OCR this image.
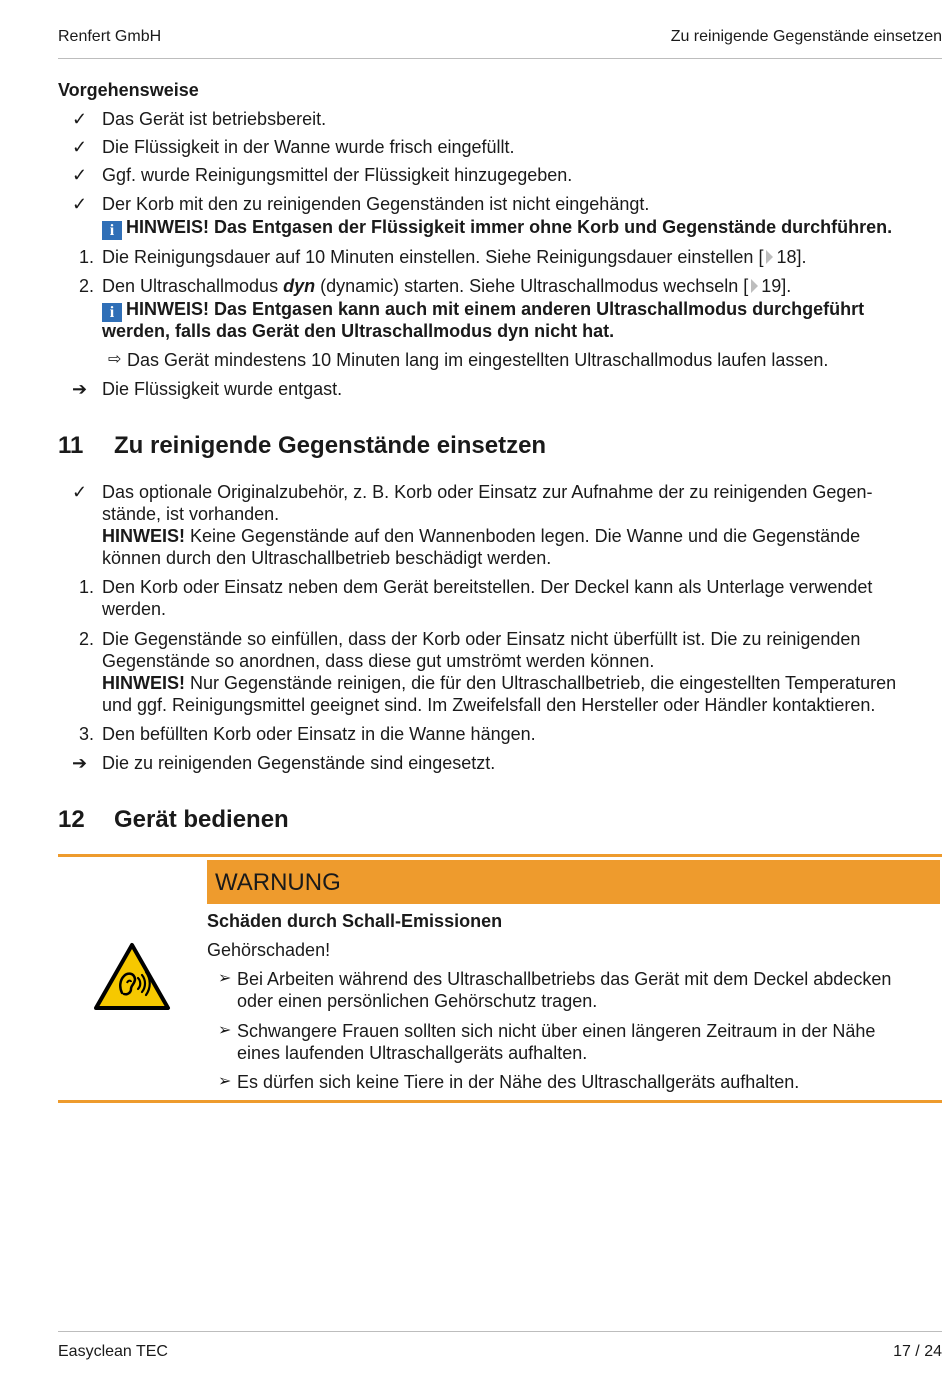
Renfert GmbH	Zu reinigende Gegenstände einsetzen
Vorgehensweise
✓ Das Gerät ist betriebsbereit.
✓ Die Flüssigkeit in der Wanne wurde frisch eingefüllt.
✓ Ggf. wurde Reinigungsmittel der Flüssigkeit hinzugegeben.
✓ Der Korb mit den zu reinigenden Gegenständen ist nicht eingehängt.
i HINWEIS! Das Entgasen der Flüssigkeit immer ohne Korb und Gegenstände durchführen.
1. Die Reinigungsdauer auf 10 Minuten einstellen. Siehe Reinigungsdauer einstellen [ 18].
2. Den Ultraschallmodus dyn (dynamic) starten. Siehe Ultraschallmodus wechseln [ 19].
i HINWEIS! Das Entgasen kann auch mit einem anderen Ultraschallmodus durchgeführt
werden, falls das Gerät den Ultraschallmodus dyn nicht hat.
⇨ Das Gerät mindestens 10 Minuten lang im eingestellten Ultraschallmodus laufen lassen.
➔ Die Flüssigkeit wurde entgast.
11 Zu reinigende Gegenstände einsetzen
✓ Das optionale Originalzubehör, z. B. Korb oder Einsatz zur Aufnahme der zu reinigenden Gegen-
stände, ist vorhanden.
HINWEIS! Keine Gegenstände auf den Wannenboden legen. Die Wanne und die Gegenstände
können durch den Ultraschallbetrieb beschädigt werden.
1. Den Korb oder Einsatz neben dem Gerät bereitstellen. Der Deckel kann als Unterlage verwendet
werden.
2. Die Gegenstände so einfüllen, dass der Korb oder Einsatz nicht überfüllt ist. Die zu reinigenden
Gegenstände so anordnen, dass diese gut umströmt werden können.
HINWEIS! Nur Gegenstände reinigen, die für den Ultraschallbetrieb, die eingestellten Temperaturen
und ggf. Reinigungsmittel geeignet sind. Im Zweifelsfall den Hersteller oder Händler kontaktieren.
3. Den befüllten Korb oder Einsatz in die Wanne hängen.
➔ Die zu reinigenden Gegenstände sind eingesetzt.
12 Gerät bedienen
WARNUNG
Schäden durch Schall-Emissionen
Gehörschaden!
➢ Bei Arbeiten während des Ultraschallbetriebs das Gerät mit dem Deckel abdecken
oder einen persönlichen Gehörschutz tragen.
➢ Schwangere Frauen sollten sich nicht über einen längeren Zeitraum in der Nähe
eines laufenden Ultraschallgeräts aufhalten.
➢ Es dürfen sich keine Tiere in der Nähe des Ultraschallgeräts aufhalten.
Easyclean TEC	17 / 24
